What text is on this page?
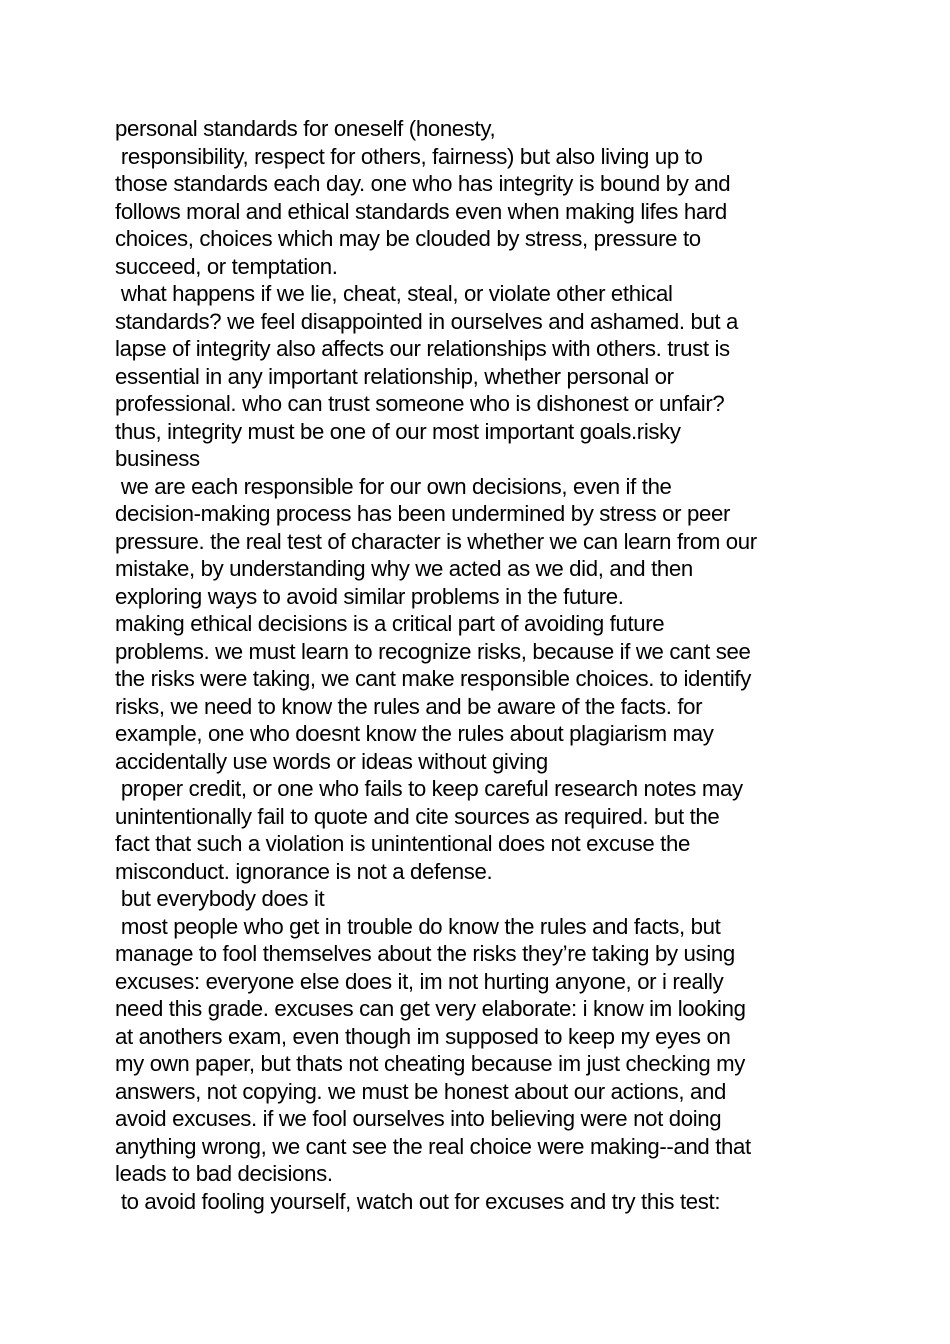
personal standards for oneself (honesty,
responsibility, respect for others, fairness) but also living up to
those standards each day. one who has integrity is bound by and
follows moral and ethical standards even when making lifes hard
choices, choices which may be clouded by stress, pressure to
succeed, or temptation.
what happens if we lie, cheat, steal, or violate other ethical
standards? we feel disappointed in ourselves and ashamed. but a
lapse of integrity also affects our relationships with others. trust is
essential in any important relationship, whether personal or
professional. who can trust someone who is dishonest or unfair?
thus, integrity must be one of our most important goals.risky
business
we are each responsible for our own decisions, even if the
decision-making process has been undermined by stress or peer
pressure. the real test of character is whether we can learn from our
mistake, by understanding why we acted as we did, and then
exploring ways to avoid similar problems in the future.
making ethical decisions is a critical part of avoiding future
problems. we must learn to recognize risks, because if we cant see
the risks were taking, we cant make responsible choices. to identify
risks, we need to know the rules and be aware of the facts. for
example, one who doesnt know the rules about plagiarism may
accidentally use words or ideas without giving
proper credit, or one who fails to keep careful research notes may
unintentionally fail to quote and cite sources as required. but the
fact that such a violation is unintentional does not excuse the
misconduct. ignorance is not a defense.
but everybody does it
most people who get in trouble do know the rules and facts, but
manage to fool themselves about the risks they’re taking by using
excuses: everyone else does it, im not hurting anyone, or i really
need this grade. excuses can get very elaborate: i know im looking
at anothers exam, even though im supposed to keep my eyes on
my own paper, but thats not cheating because im just checking my
answers, not copying. we must be honest about our actions, and
avoid excuses. if we fool ourselves into believing were not doing
anything wrong, we cant see the real choice were making--and that
leads to bad decisions.
to avoid fooling yourself, watch out for excuses and try this test:
